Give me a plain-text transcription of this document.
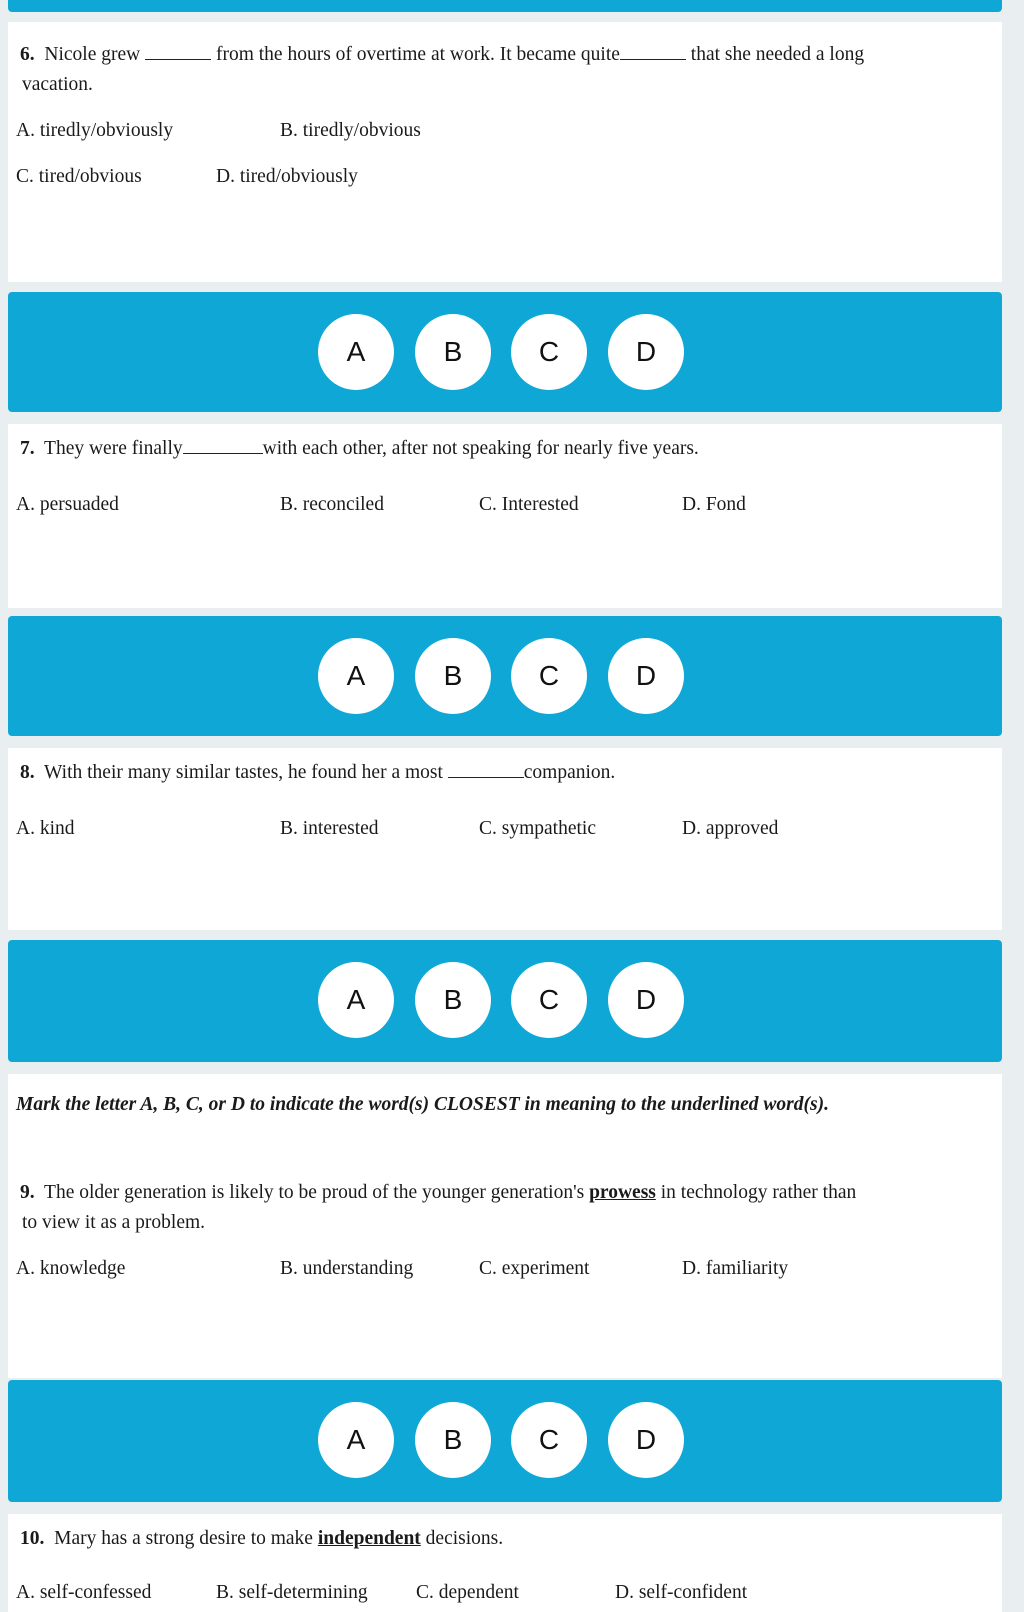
6. Nicole grew	from the hours of overtime at work. It became quite	that she needed a long
vacation.

A. tiredly/obviously	B. tiredly/obvious
C. tired/obvious	D. tired/obviously
A	B	C	D

7. They were finally	with each other, after not speaking for nearly five years.

A. persuaded	B. reconciled	C. Interested	D. Fond
A	B	C	D

8. With their many similar tastes, he found her a most	companion.

A. kind	B. interested	C. sympathetic	D. approved
A	B	C	D

Mark the letter A, B, C, or D to indicate the word(s) CLOSEST in meaning to the underlined word(s).

9. The older generation is likely to be proud of the younger generation's prowess in technology rather than
to view it as a problem.

A. knowledge	B. understanding	C. experiment	D. familiarity
A	B	C	D

10. Mary has a strong desire to make independent decisions.

A. self-confessed	B. self-determining C. dependent	D. self-confident
